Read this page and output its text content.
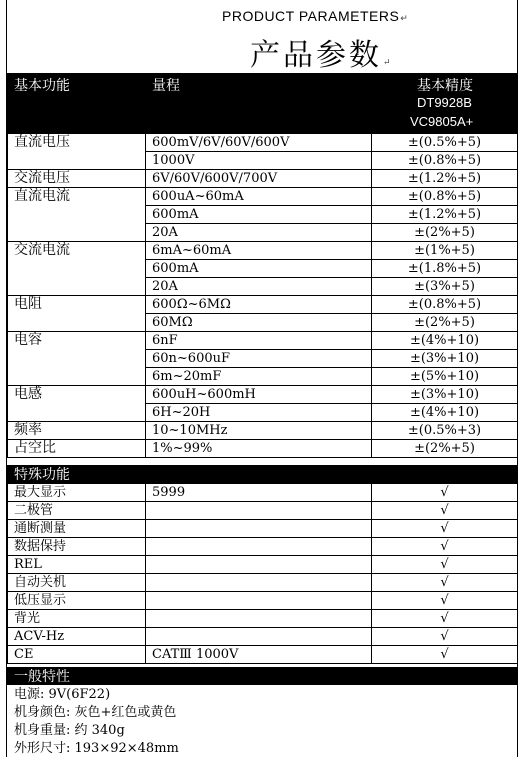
PRODUCT PARAMETERS↵
产品参数↵
基本功能	量程	基本精度
DT9928B
VC9805A+
直流电压	600mV/6V/60V/600V	±(0.5%+5)
	1000V	±(0.8%+5)
交流电压	6V/60V/600V/700V	±(1.2%+5)
直流电流	600uA~60mA	±(0.8%+5)
	600mA	±(1.2%+5)
	20A	±(2%+5)
交流电流	6mA~60mA	±(1%+5)
	600mA	±(1.8%+5)
	20A	±(3%+5)
电阻	600Ω~6MΩ	±(0.8%+5)
	60MΩ	±(2%+5)
电容	6nF	±(4%+10)
	60n~600uF	±(3%+10)
	6m~20mF	±(5%+10)
电感	600uH~600mH	±(3%+10)
	6H~20H	±(4%+10)
频率	10~10MHz	±(0.5%+3)
占空比	1%~99%	±(2%+5)
特殊功能
最大显示	5999	√
二极管		√
通断测量		√
数据保持		√
REL		√
自动关机		√
低压显示		√
背光		√
ACV-Hz		√
CE	CATⅢ 1000V	√
一般特性
电源: 9V(6F22)
机身颜色: 灰色+红色或黄色
机身重量: 约 340g
外形尺寸: 193×92×48mm
